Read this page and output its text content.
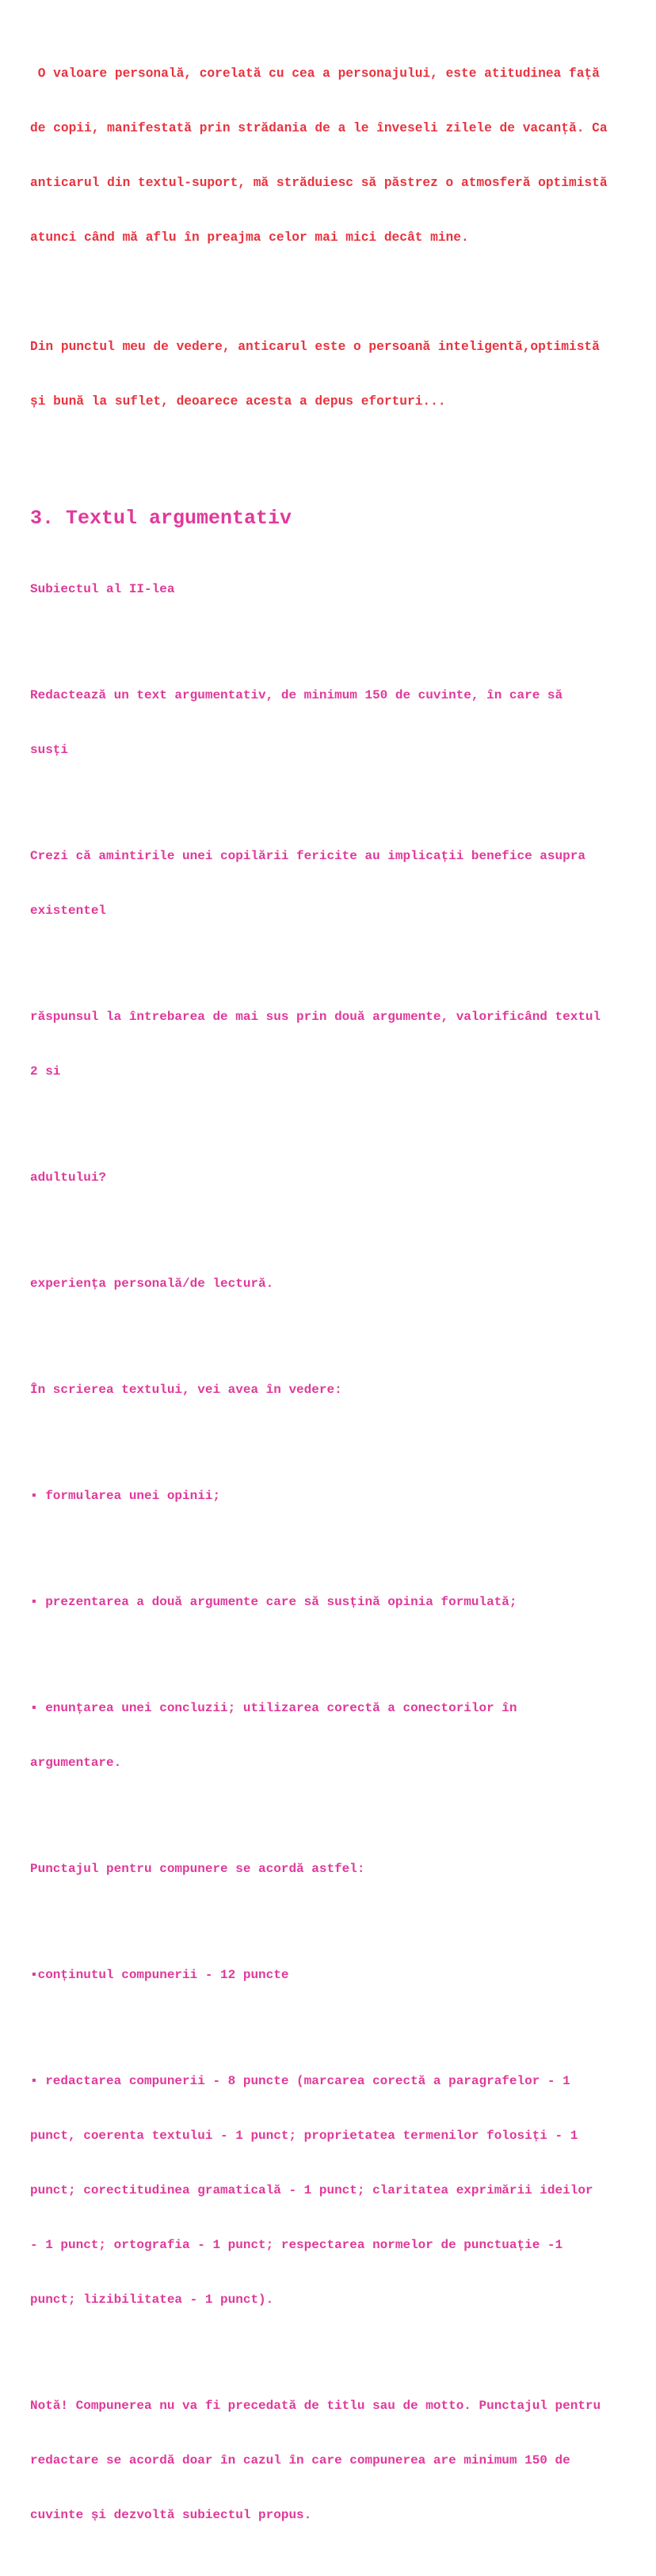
O valoare personală, corelată cu cea a personajului, este atitudinea față

de copii, manifestată prin strădania de a le înveseli zilele de vacanță. Ca

anticarul din textul-suport, mă străduiesc să păstrez o atmosferă optimistă

atunci când mă aflu în preajma celor mai mici decât mine.

Din punctul meu de vedere, anticarul este o persoană inteligentă,optimistă

și bună la suflet, deoarece acesta a depus eforturi...

3. Textul argumentativ

Subiectul al II-lea

Redactează un text argumentativ, de minimum 150 de cuvinte, în care să

susți

Crezi că amintirile unei copilării fericite au implicații benefice asupra

existentel

răspunsul la întrebarea de mai sus prin două argumente, valorificând textul

2 si

adultului?

experiența personală/de lectură.

În scrierea textului, vei avea în vedere:

▪ formularea unei opinii;

▪ prezentarea a două argumente care să susțină opinia formulată;

▪ enunțarea unei concluzii; utilizarea corectă a conectorilor în

argumentare.

Punctajul pentru compunere se acordă astfel:

▪conținutul compunerii - 12 puncte

▪ redactarea compunerii - 8 puncte (marcarea corectă a paragrafelor - 1

punct, coerenta textului - 1 punct; proprietatea termenilor folosiți - 1

punct; corectitudinea gramaticală - 1 punct; claritatea exprimării ideilor

- 1 punct; ortografia - 1 punct; respectarea normelor de punctuație -1

punct; lizibilitatea - 1 punct).

Notă! Compunerea nu va fi precedată de titlu sau de motto. Punctajul pentru

redactare se acordă doar în cazul în care compunerea are minimum 150 de

cuvinte și dezvoltă subiectul propus.
